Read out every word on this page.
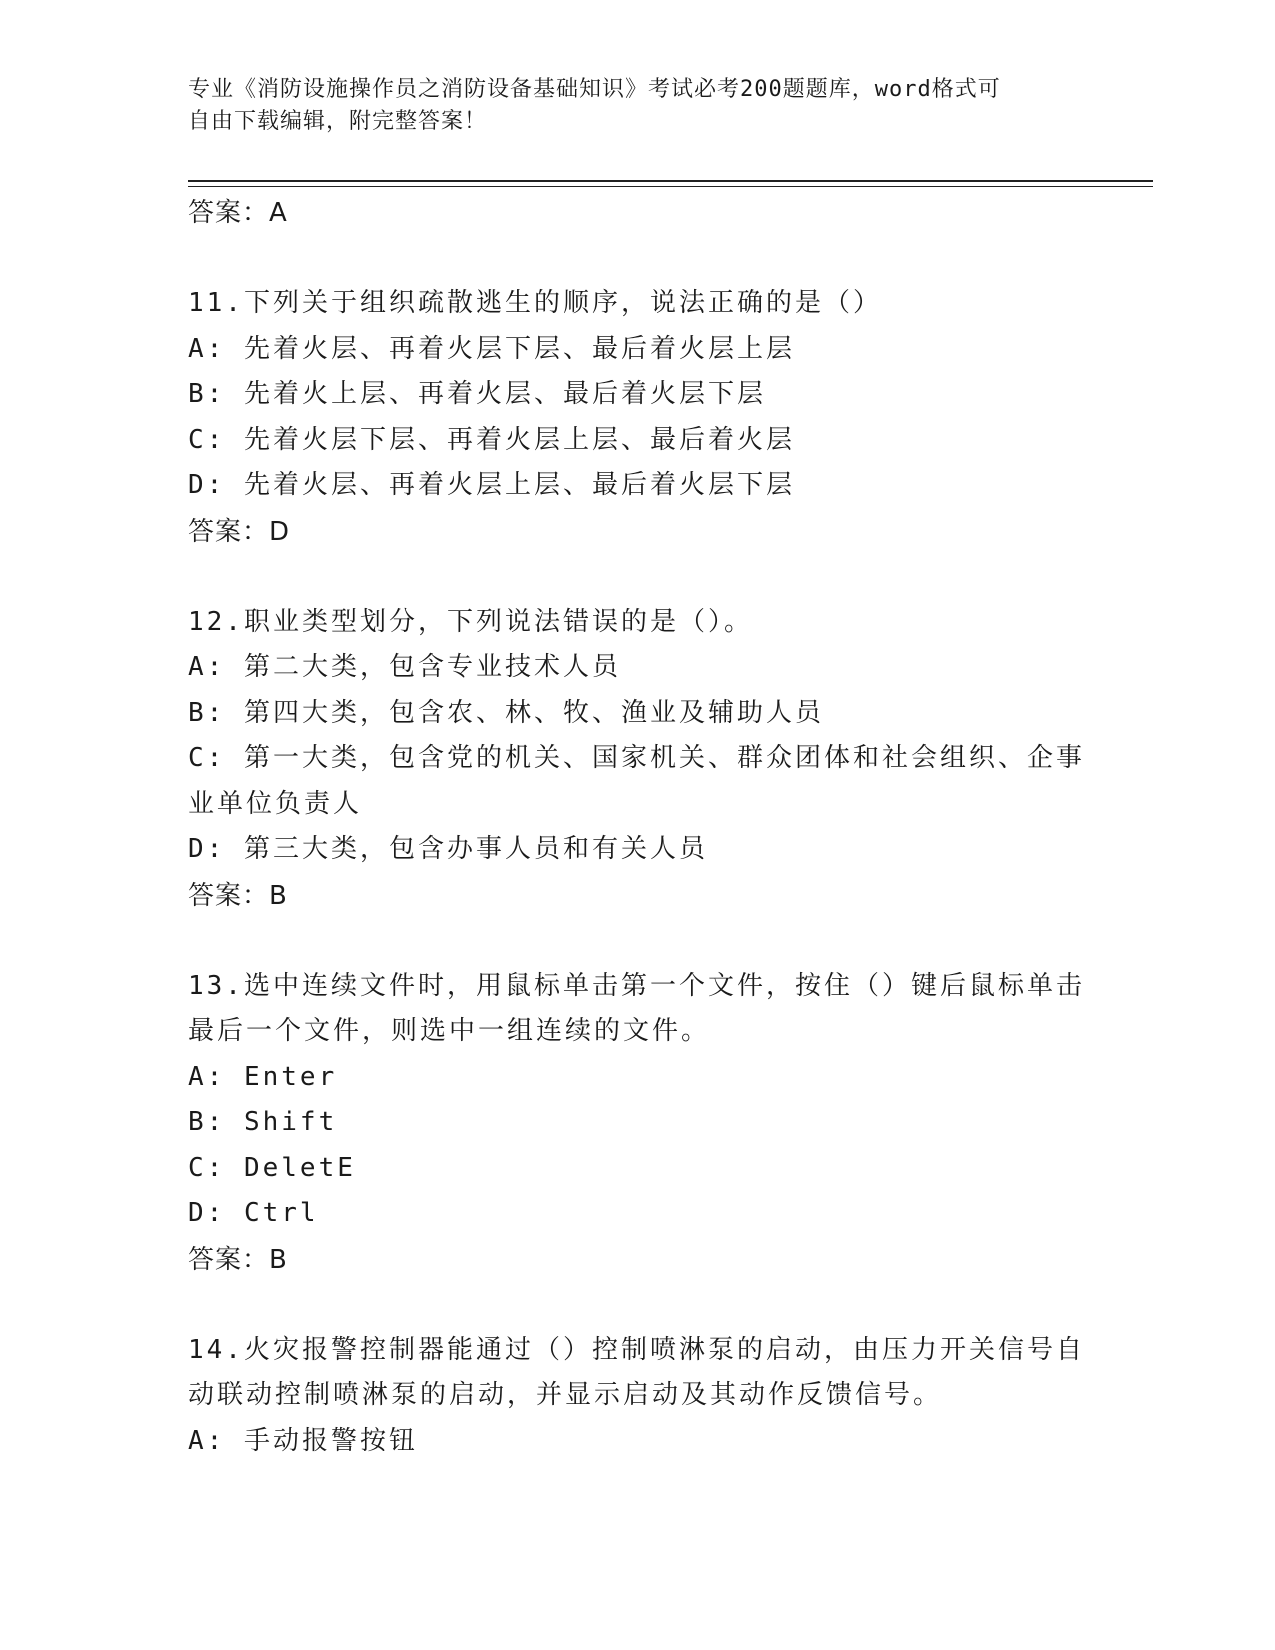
专业《消防设施操作员之消防设备基础知识》考试必考200题题库，word格式可
自由下载编辑，附完整答案！
答案：A
11.下列关于组织疏散逃生的顺序，说法正确的是（）
A: 先着火层、再着火层下层、最后着火层上层
B: 先着火上层、再着火层、最后着火层下层
C: 先着火层下层、再着火层上层、最后着火层
D: 先着火层、再着火层上层、最后着火层下层
答案：D
12.职业类型划分，下列说法错误的是（）。
A: 第二大类，包含专业技术人员
B: 第四大类，包含农、林、牧、渔业及辅助人员
C: 第一大类，包含党的机关、国家机关、群众团体和社会组织、企事
业单位负责人
D: 第三大类，包含办事人员和有关人员
答案：B
13.选中连续文件时，用鼠标单击第一个文件，按住（）键后鼠标单击
最后一个文件，则选中一组连续的文件。
A: Enter
B: Shift
C: DeletE
D: Ctrl
答案：B
14.火灾报警控制器能通过（）控制喷淋泵的启动，由压力开关信号自
动联动控制喷淋泵的启动，并显示启动及其动作反馈信号。
A: 手动报警按钮
